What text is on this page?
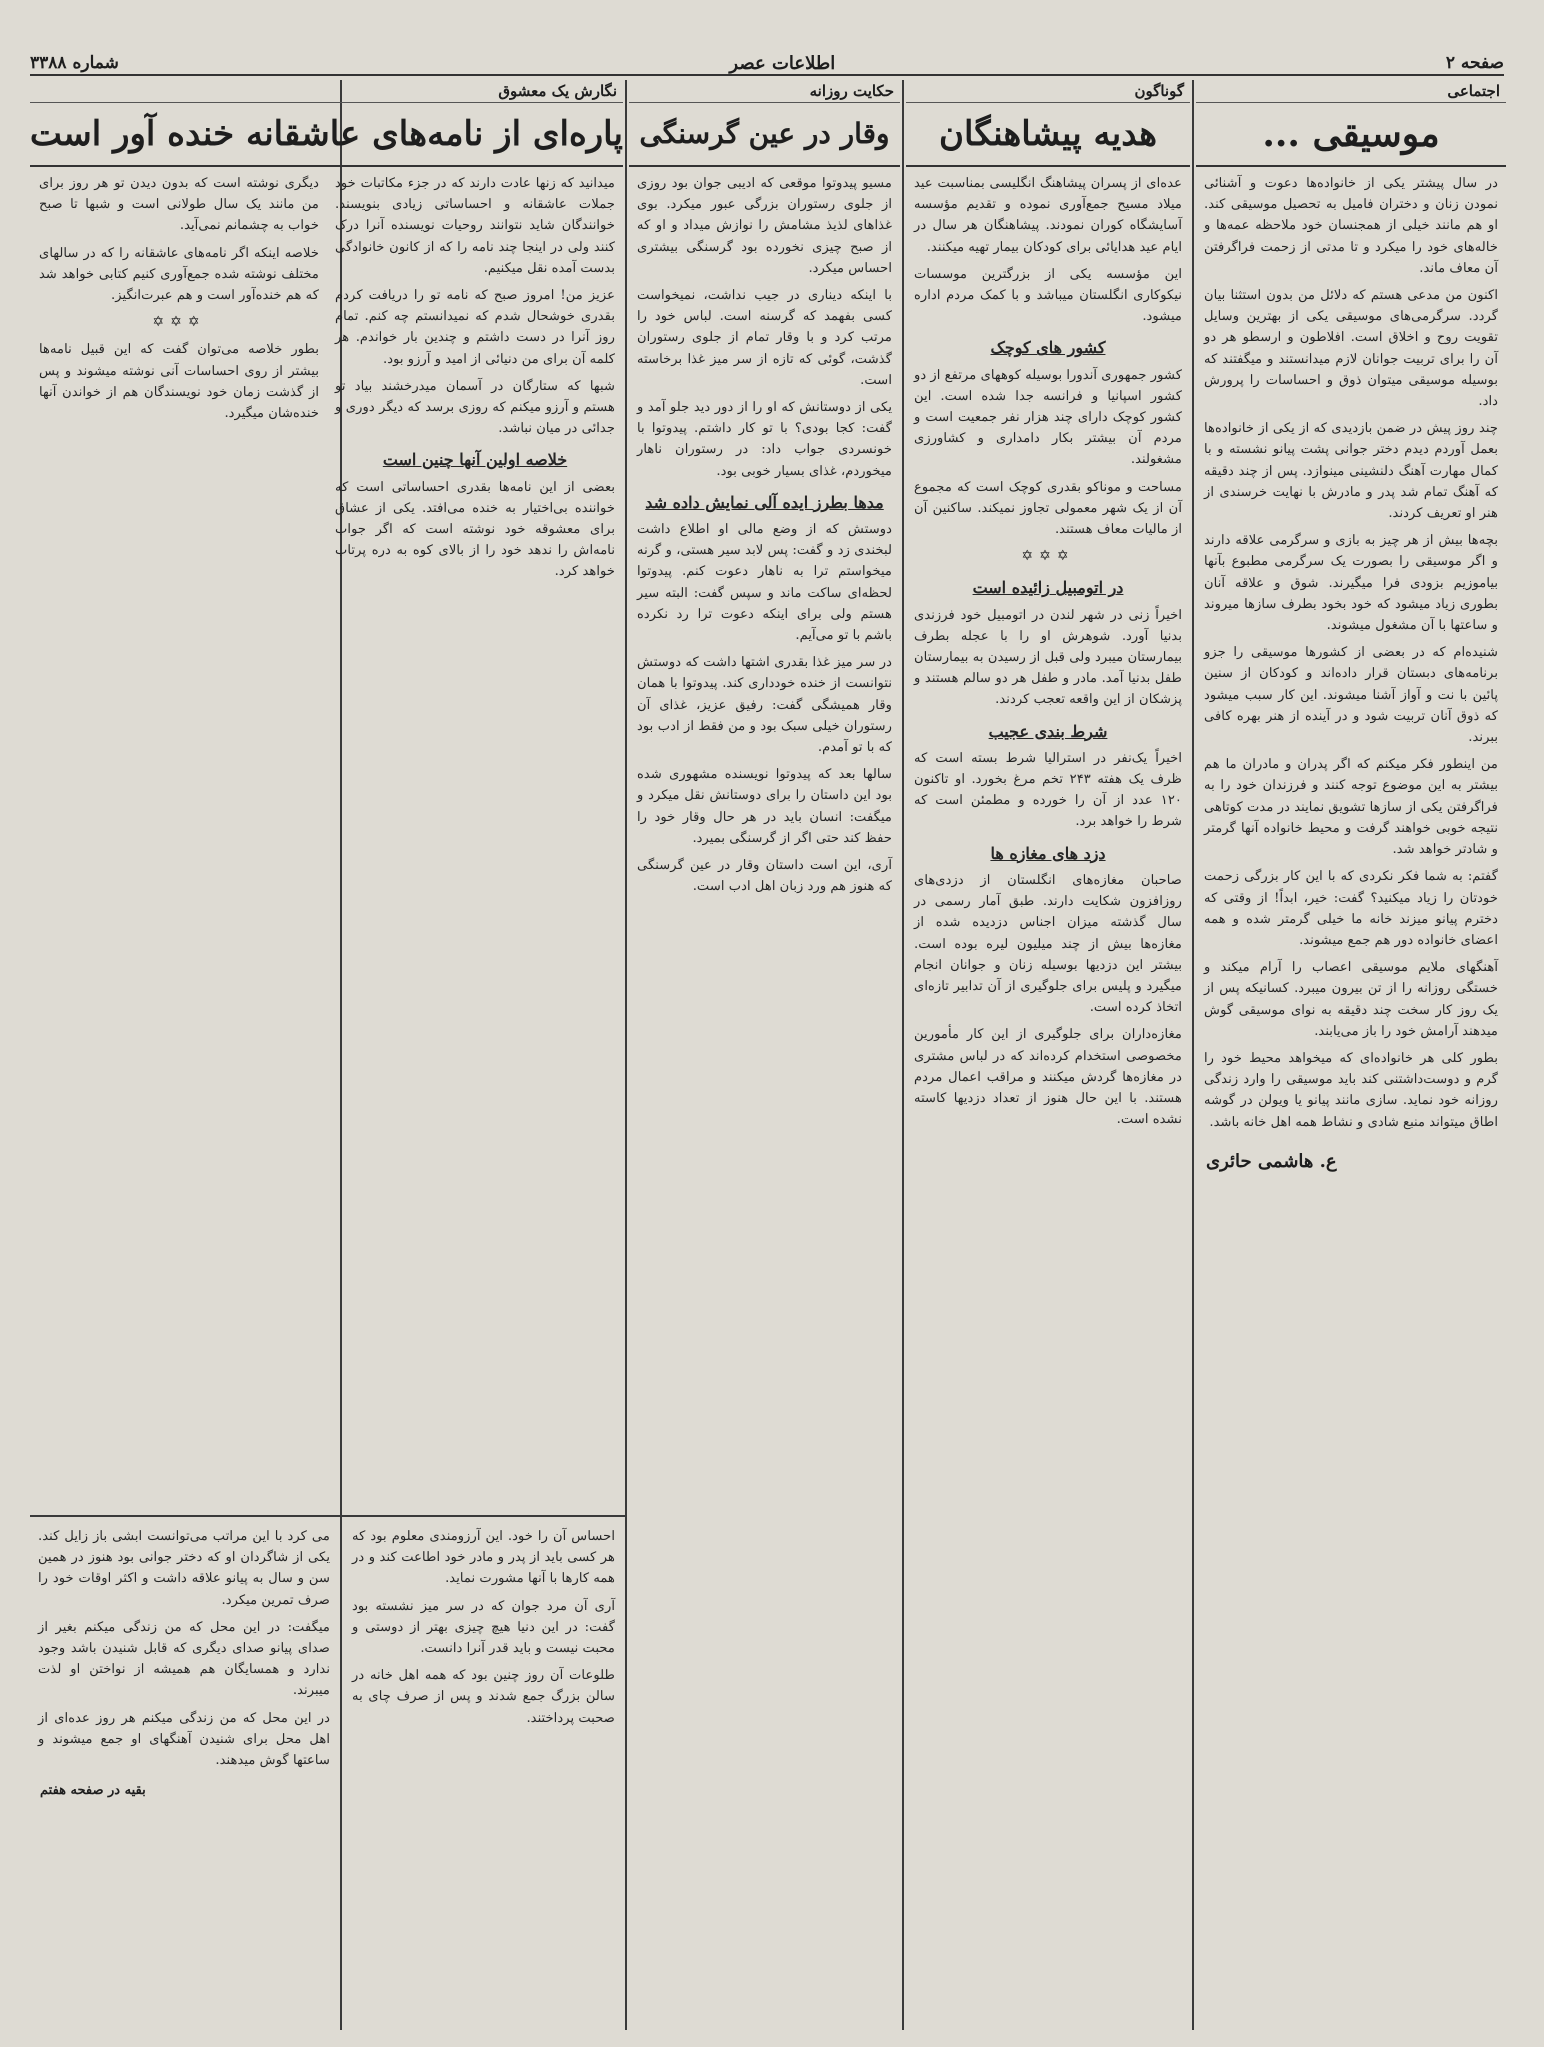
صفحه ۲
اطلاعات عصر
شماره ۳۳۸۸
اجتماعی
موسیقی ...

در سال پیشتر یکی از خانواده‌ها دعوت و آشنائی نمودن زنان و دختران فامیل به تحصیل موسیقی کند. او هم مانند خیلی از همجنسان خود ملاحظه عمه‌ها و خاله‌های خود را میکرد و تا مدتی از زحمت فراگرفتن آن معاف ماند.

اکنون من مدعی هستم که دلائل من بدون استثنا بیان گردد. سرگرمی‌های موسیقی یکی از بهترین وسایل تقویت روح و اخلاق است. افلاطون و ارسطو هر دو آن را برای تربیت جوانان لازم میدانستند و میگفتند که بوسیله موسیقی میتوان ذوق و احساسات را پرورش داد.

چند روز پیش در ضمن بازدیدی که از یکی از خانواده‌ها بعمل آوردم دیدم دختر جوانی پشت پیانو نشسته و با کمال مهارت آهنگ دلنشینی مینوازد. پس از چند دقیقه که آهنگ تمام شد پدر و مادرش با نهایت خرسندی از هنر او تعریف کردند.

بچه‌ها بیش از هر چیز به بازی و سرگرمی علاقه دارند و اگر موسیقی را بصورت یک سرگرمی مطبوع بآنها بیاموزیم بزودی فرا میگیرند. شوق و علاقه آنان بطوری زیاد میشود که خود بخود بطرف سازها میروند و ساعتها با آن مشغول میشوند.

شنیده‌ام که در بعضی از کشورها موسیقی را جزو برنامه‌های دبستان قرار داده‌اند و کودکان از سنین پائین با نت و آواز آشنا میشوند. این کار سبب میشود که ذوق آنان تربیت شود و در آینده از هنر بهره کافی ببرند.

من اینطور فکر میکنم که اگر پدران و مادران ما هم بیشتر به این موضوع توجه کنند و فرزندان خود را به فراگرفتن یکی از سازها تشویق نمایند در مدت کوتاهی نتیجه خوبی خواهند گرفت و محیط خانواده آنها گرمتر و شادتر خواهد شد.

گفتم: به شما فکر نکردی که با این کار بزرگی زحمت خودتان را زیاد میکنید؟ گفت: خیر، ابداً! از وقتی که دخترم پیانو میزند خانه ما خیلی گرمتر شده و همه اعضای خانواده دور هم جمع میشوند.

آهنگهای ملایم موسیقی اعصاب را آرام میکند و خستگی روزانه را از تن بیرون میبرد. کسانیکه پس از یک روز کار سخت چند دقیقه به نوای موسیقی گوش میدهند آرامش خود را باز می‌یابند.

بطور کلی هر خانواده‌ای که میخواهد محیط خود را گرم و دوست‌داشتنی کند باید موسیقی را وارد زندگی روزانه خود نماید. سازی مانند پیانو یا ویولن در گوشه اطاق میتواند منبع شادی و نشاط همه اهل خانه باشد.

ع. هاشمی حائری
گوناگون
هدیه پیشاهنگان

عده‌ای از پسران پیشاهنگ انگلیسی بمناسبت عید میلاد مسیح جمع‌آوری نموده و تقدیم مؤسسه آسایشگاه کوران نمودند. پیشاهنگان هر سال در ایام عید هدایائی برای کودکان بیمار تهیه میکنند.

این مؤسسه یکی از بزرگترین موسسات نیکوکاری انگلستان میباشد و با کمک مردم اداره میشود.

کشور های کوچک

کشور جمهوری آندورا بوسیله کوههای مرتفع از دو کشور اسپانیا و فرانسه جدا شده است. این کشور کوچک دارای چند هزار نفر جمعیت است و مردم آن بیشتر بکار دامداری و کشاورزی مشغولند.

مساحت و موناکو بقدری کوچک است که مجموع آن از یک شهر معمولی تجاوز نمیکند. ساکنین آن از مالیات معاف هستند.

✡✡✡
در اتومبیل زائیده است

اخیراً زنی در شهر لندن در اتومبیل خود فرزندی بدنیا آورد. شوهرش او را با عجله بطرف بیمارستان میبرد ولی قبل از رسیدن به بیمارستان طفل بدنیا آمد. مادر و طفل هر دو سالم هستند و پزشکان از این واقعه تعجب کردند.

شرط بندی عجیب

اخیراً یک‌نفر در استرالیا شرط بسته است که ظرف یک هفته ۲۴۳ تخم مرغ بخورد. او تاکنون ۱۲۰ عدد از آن را خورده و مطمئن است که شرط را خواهد برد.

دزد های مغازه ها

صاحبان مغازه‌های انگلستان از دزدی‌های روزافزون شکایت دارند. طبق آمار رسمی در سال گذشته میزان اجناس دزدیده شده از مغازه‌ها بیش از چند میلیون لیره بوده است. بیشتر این دزدیها بوسیله زنان و جوانان انجام میگیرد و پلیس برای جلوگیری از آن تدابیر تازه‌ای اتخاذ کرده است.

مغازه‌داران برای جلوگیری از این کار مأمورین مخصوصی استخدام کرده‌اند که در لباس مشتری در مغازه‌ها گردش میکنند و مراقب اعمال مردم هستند. با این حال هنوز از تعداد دزدیها کاسته نشده است.

حکایت روزانه
وقار در عین گرسنگی

مسیو پیدوتوا موقعی که ادیبی جوان بود روزی از جلوی رستوران بزرگی عبور میکرد. بوی غذاهای لذیذ مشامش را نوازش میداد و او که از صبح چیزی نخورده بود گرسنگی بیشتری احساس میکرد.

با اینکه دیناری در جیب نداشت، نمیخواست کسی بفهمد که گرسنه است. لباس خود را مرتب کرد و با وقار تمام از جلوی رستوران گذشت، گوئی که تازه از سر میز غذا برخاسته است.

یکی از دوستانش که او را از دور دید جلو آمد و گفت: کجا بودی؟ با تو کار داشتم. پیدوتوا با خونسردی جواب داد: در رستوران ناهار میخوردم، غذای بسیار خوبی بود.

مدها بطرز ایده آلی نمایش داده شد

دوستش که از وضع مالی او اطلاع داشت لبخندی زد و گفت: پس لابد سیر هستی، و گرنه میخواستم ترا به ناهار دعوت کنم. پیدوتوا لحظه‌ای ساکت ماند و سپس گفت: البته سیر هستم ولی برای اینکه دعوت ترا رد نکرده باشم با تو می‌آیم.

در سر میز غذا بقدری اشتها داشت که دوستش نتوانست از خنده خودداری کند. پیدوتوا با همان وقار همیشگی گفت: رفیق عزیز، غذای آن رستوران خیلی سبک بود و من فقط از ادب بود که با تو آمدم.

سالها بعد که پیدوتوا نویسنده مشهوری شده بود این داستان را برای دوستانش نقل میکرد و میگفت: انسان باید در هر حال وقار خود را حفظ کند حتی اگر از گرسنگی بمیرد.

آری، این است داستان وقار در عین گرسنگی که هنوز هم ورد زبان اهل ادب است.

نگارش یک معشوق
پاره‌ای از نامه‌های عاشقانه خنده آور است

میدانید که زنها عادت دارند که در جزء مکاتبات خود جملات عاشقانه و احساساتی زیادی بنویسند. خوانندگان شاید نتوانند روحیات نویسنده آنرا درک کنند ولی در اینجا چند نامه را که از کانون خانوادگی بدست آمده نقل میکنیم.

عزیز من! امروز صبح که نامه تو را دریافت کردم بقدری خوشحال شدم که نمیدانستم چه کنم. تمام روز آنرا در دست داشتم و چندین بار خواندم. هر کلمه آن برای من دنیائی از امید و آرزو بود.

شبها که ستارگان در آسمان میدرخشند بیاد تو هستم و آرزو میکنم که روزی برسد که دیگر دوری و جدائی در میان نباشد.

خلاصه اولین آنها چنین است

بعضی از این نامه‌ها بقدری احساساتی است که خواننده بی‌اختیار به خنده می‌افتد. یکی از عشاق برای معشوقه خود نوشته است که اگر جواب نامه‌اش را ندهد خود را از بالای کوه به دره پرتاب خواهد کرد.

دیگری نوشته است که بدون دیدن تو هر روز برای من مانند یک سال طولانی است و شبها تا صبح خواب به چشمانم نمی‌آید.

خلاصه اینکه اگر نامه‌های عاشقانه را که در سالهای مختلف نوشته شده جمع‌آوری کنیم کتابی خواهد شد که هم خنده‌آور است و هم عبرت‌انگیز.

✡✡✡

بطور خلاصه می‌توان گفت که این قبیل نامه‌ها بیشتر از روی احساسات آنی نوشته میشوند و پس از گذشت زمان خود نویسندگان هم از خواندن آنها خنده‌شان میگیرد.

احساس آن را خود. این آرزومندی معلوم بود که هر کسی باید از پدر و مادر خود اطاعت کند و در همه کارها با آنها مشورت نماید.

آری آن مرد جوان که در سر میز نشسته بود گفت: در این دنیا هیچ چیزی بهتر از دوستی و محبت نیست و باید قدر آنرا دانست.

طلوعات آن روز چنین بود که همه اهل خانه در سالن بزرگ جمع شدند و پس از صرف چای به صحبت پرداختند.

می کرد با این مراتب می‌توانست ابشی باز زایل کند. یکی از شاگردان او که دختر جوانی بود هنوز در همین سن و سال به پیانو علاقه داشت و اکثر اوقات خود را صرف تمرین میکرد.

میگفت: در این محل که من زندگی میکنم بغیر از صدای پیانو صدای دیگری که قابل شنیدن باشد وجود ندارد و همسایگان هم همیشه از نواختن او لذت میبرند.

در این محل که من زندگی میکنم هر روز عده‌ای از اهل محل برای شنیدن آهنگهای او جمع میشوند و ساعتها گوش میدهند.

بقیه در صفحه هفتم
